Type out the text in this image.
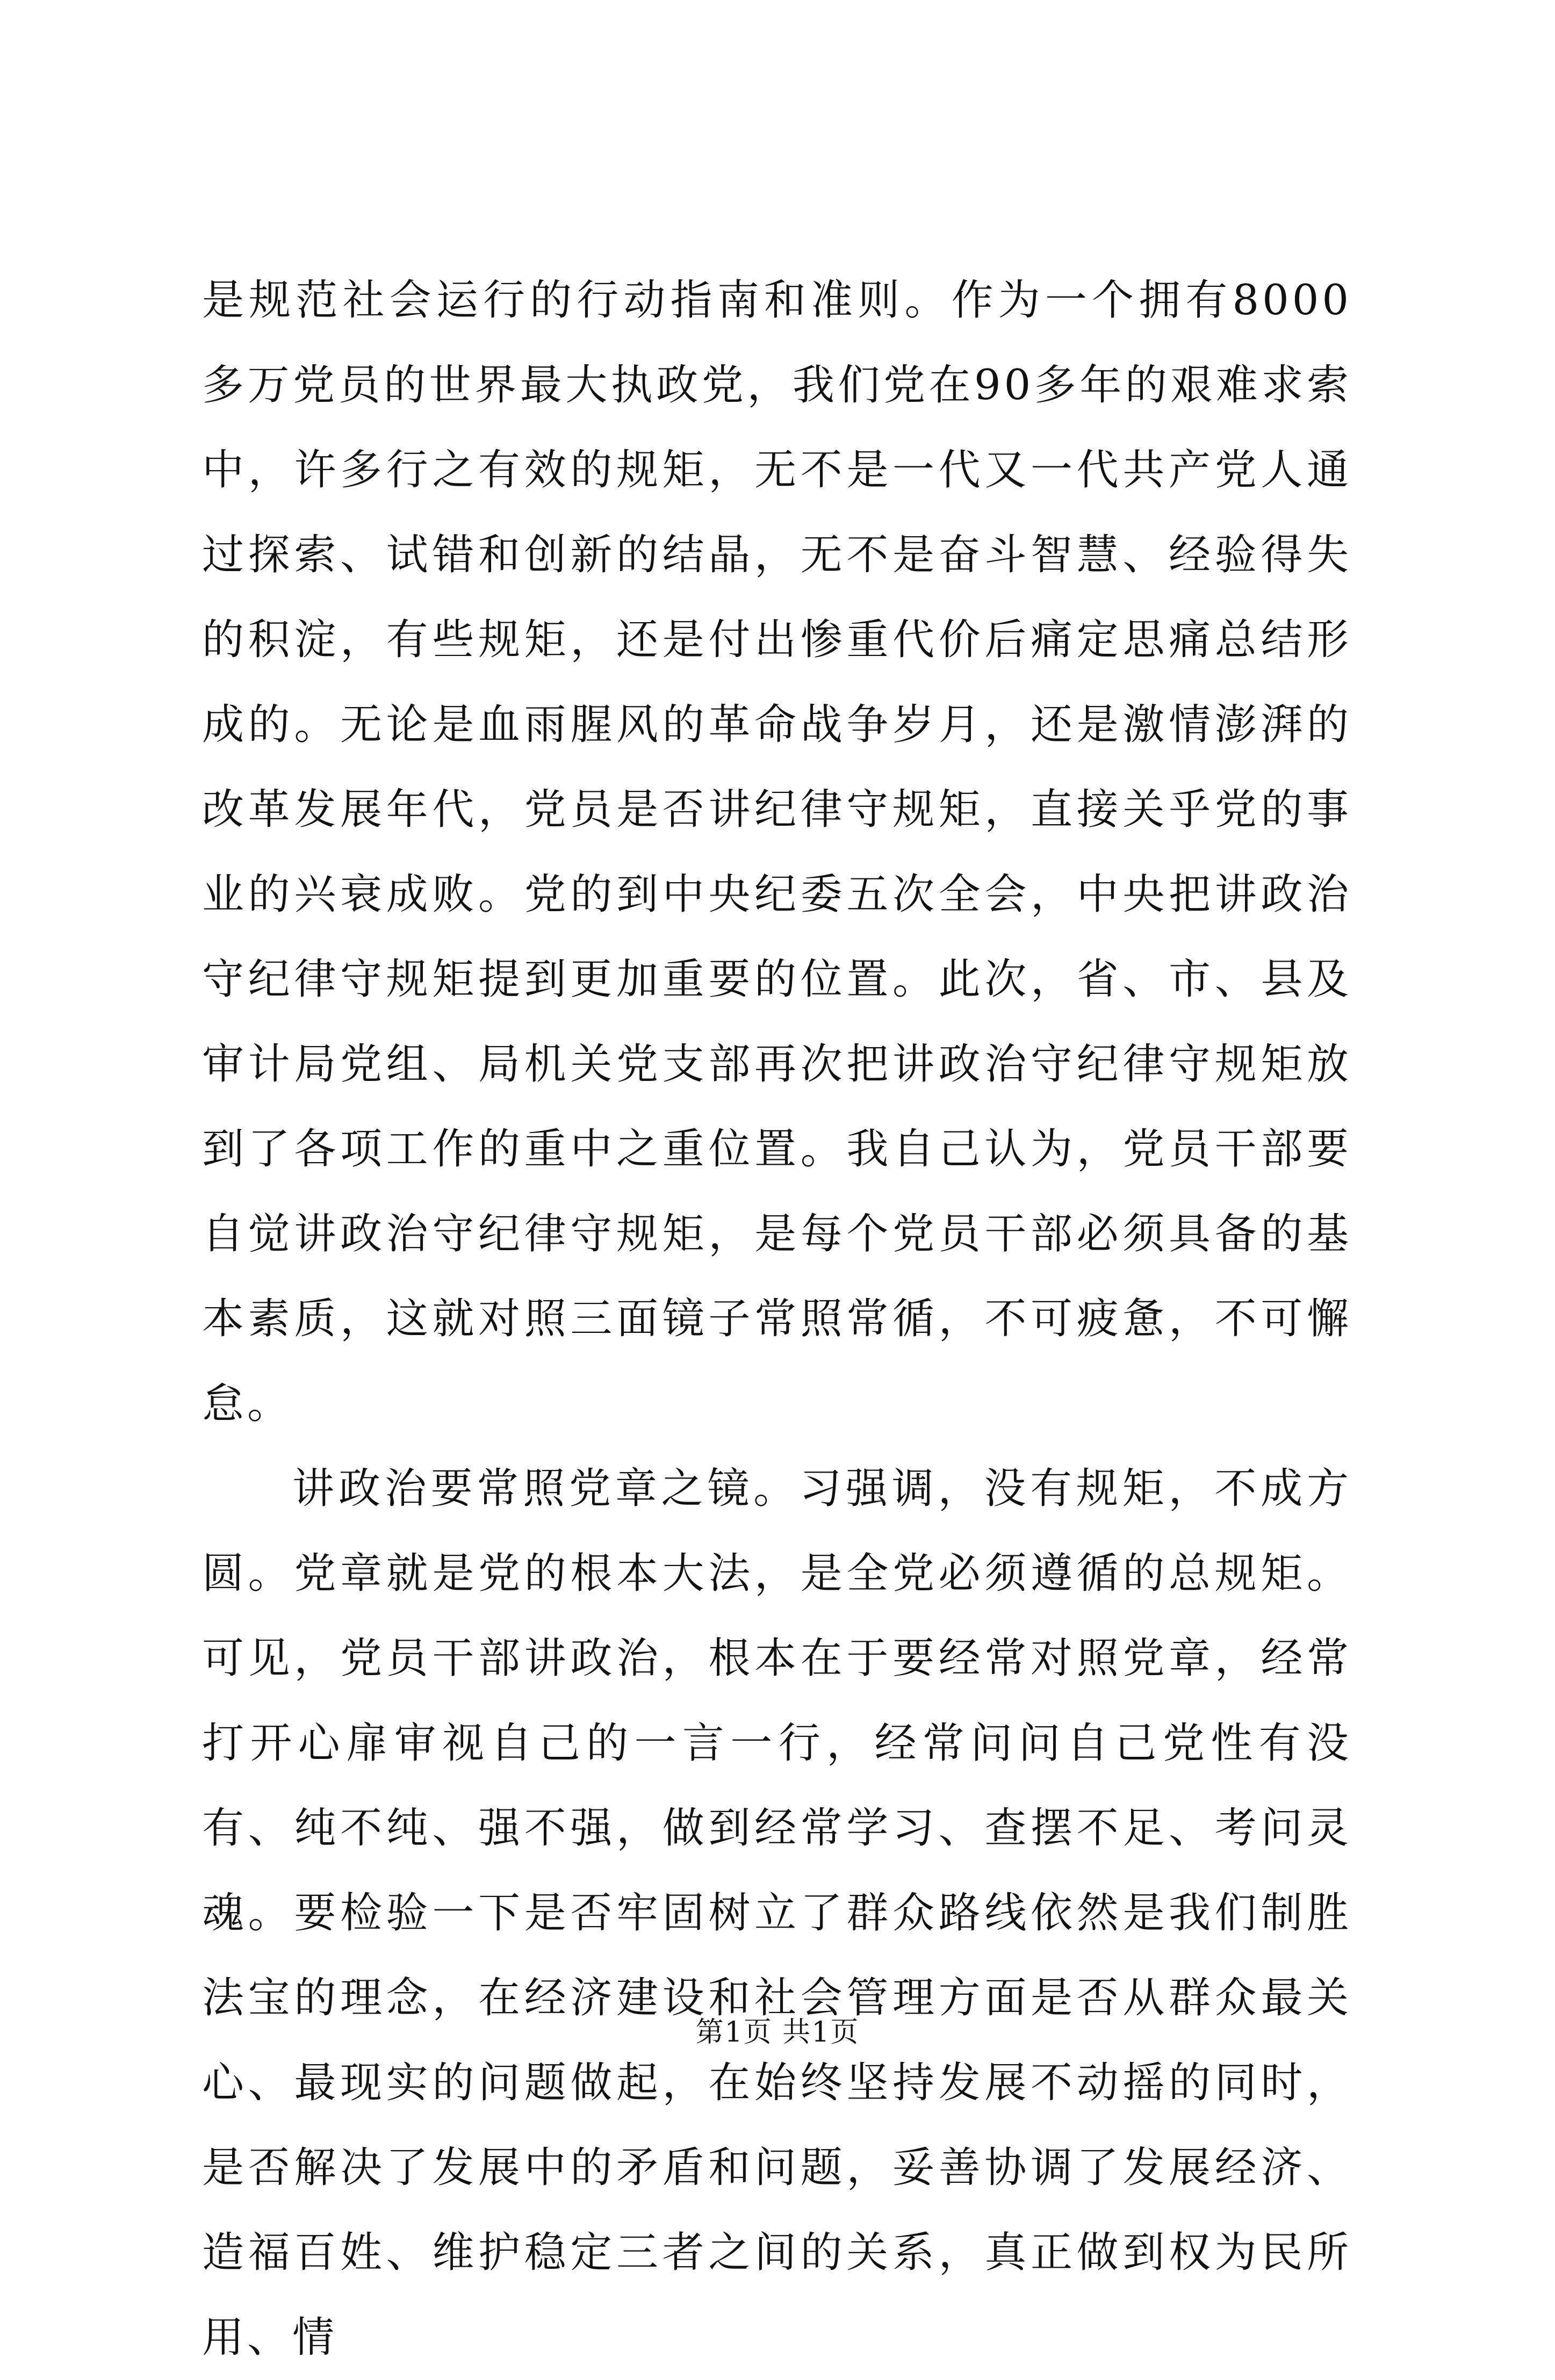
是规范社会运行的行动指南和准则。作为一个拥有8000多万党员的世界最大执政党，我们党在90多年的艰难求索中，许多行之有效的规矩，无不是一代又一代共产党人通过探索、试错和创新的结晶，无不是奋斗智慧、经验得失的积淀，有些规矩，还是付出惨重代价后痛定思痛总结形成的。无论是血雨腥风的革命战争岁月，还是激情澎湃的改革发展年代，党员是否讲纪律守规矩，直接关乎党的事业的兴衰成败。党的到中央纪委五次全会，中央把讲政治守纪律守规矩提到更加重要的位置。此次，省、市、县及审计局党组、局机关党支部再次把讲政治守纪律守规矩放到了各项工作的重中之重位置。我自己认为，党员干部要自觉讲政治守纪律守规矩，是每个党员干部必须具备的基本素质，这就对照三面镜子常照常循，不可疲惫，不可懈怠。

讲政治要常照党章之镜。习强调，没有规矩，不成方圆。党章就是党的根本大法，是全党必须遵循的总规矩。可见，党员干部讲政治，根本在于要经常对照党章，经常打开心扉审视自己的一言一行，经常问问自己党性有没有、纯不纯、强不强，做到经常学习、查摆不足、考问灵魂。要检验一下是否牢固树立了群众路线依然是我们制胜法宝的理念，在经济建设和社会管理方面是否从群众最关心、最现实的问题做起，在始终坚持发展不动摇的同时，是否解决了发展中的矛盾和问题，妥善协调了发展经济、造福百姓、维护稳定三者之间的关系，真正做到权为民所用、情

第1页 共1页
